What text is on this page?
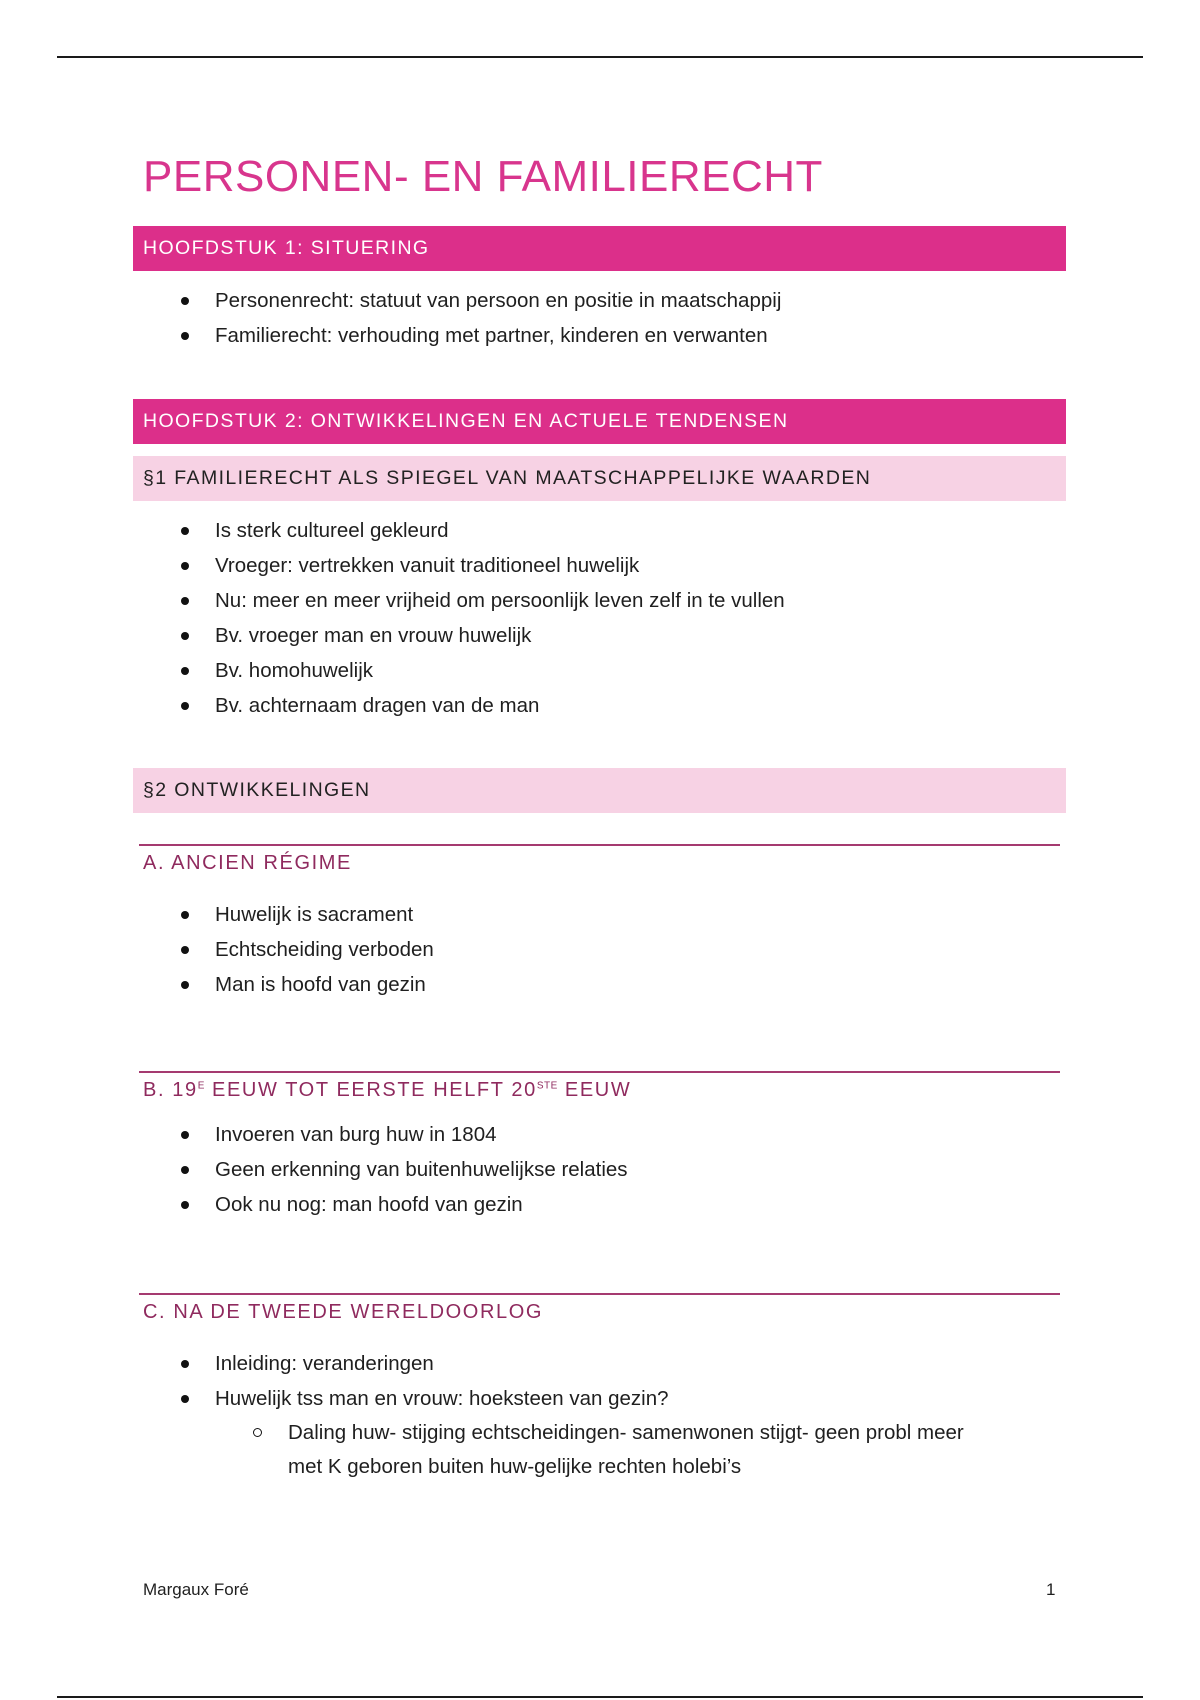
PERSONEN- EN FAMILIERECHT
HOOFDSTUK 1: SITUERING
Personenrecht: statuut van persoon en positie in maatschappij
Familierecht: verhouding met partner, kinderen en verwanten
HOOFDSTUK 2: ONTWIKKELINGEN EN ACTUELE TENDENSEN
§1 FAMILIERECHT ALS SPIEGEL VAN MAATSCHAPPELIJKE WAARDEN
Is sterk cultureel gekleurd
Vroeger: vertrekken vanuit traditioneel huwelijk
Nu: meer en meer vrijheid om persoonlijk leven zelf in te vullen
Bv. vroeger man en vrouw huwelijk
Bv. homohuwelijk
Bv. achternaam dragen van de man
§2 ONTWIKKELINGEN
A. ANCIEN RÉGIME
Huwelijk is sacrament
Echtscheiding verboden
Man is hoofd van gezin
B. $19^E$ EEUW TOT EERSTE HELFT 20STE EEUW
Invoeren van burg huw in 1804
Geen erkenning van buitenhuwelijkse relaties
Ook nu nog: man hoofd van gezin
C. NA DE TWEEDE WERELDOORLOG
Inleiding: veranderingen
Huwelijk tss man en vrouw: hoeksteen van gezin?
Daling huw- stijging echtscheidingen- samenwonen stijgt- geen probl meer met K geboren buiten huw-gelijke rechten holebi’s
Margaux Foré	1
